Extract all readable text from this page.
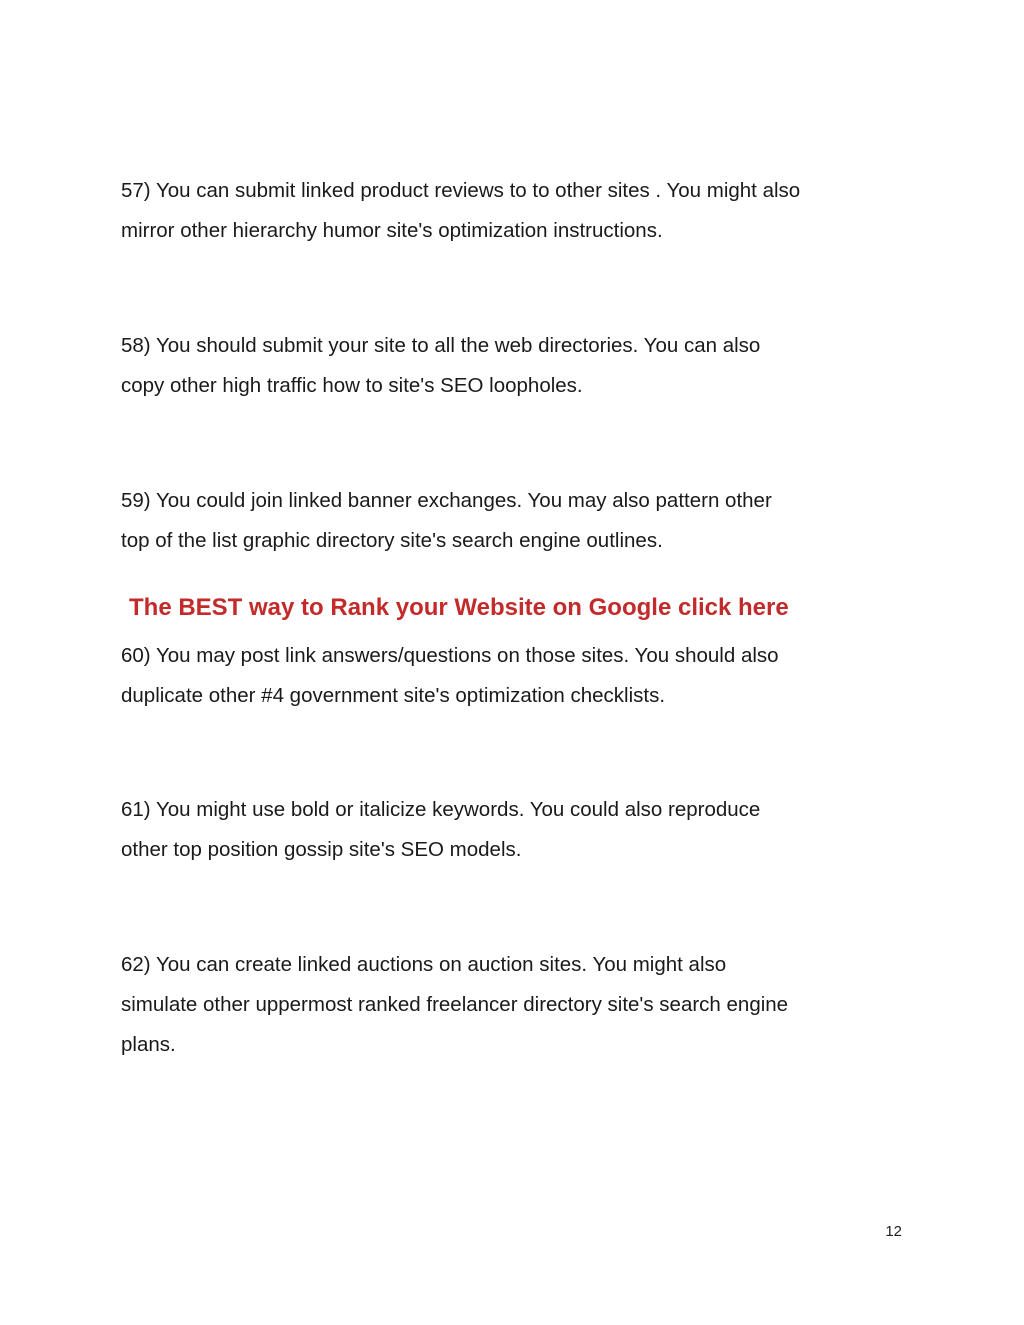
57) You can submit linked product reviews to to other sites . You might also
mirror other hierarchy humor site's optimization instructions.

58) You should submit your site to all the web directories. You can also
copy other high traffic how to site's SEO loopholes.

59) You could join linked banner exchanges. You may also pattern other
top of the list graphic directory site's search engine outlines.

The BEST way to Rank your Website on Google click here

60) You may post link answers/questions on those sites. You should also
duplicate other #4 government site's optimization checklists.

61) You might use bold or italicize keywords. You could also reproduce
other top position gossip site's SEO models.

62) You can create linked auctions on auction sites. You might also
simulate other uppermost ranked freelancer directory site's search engine
plans.

12
